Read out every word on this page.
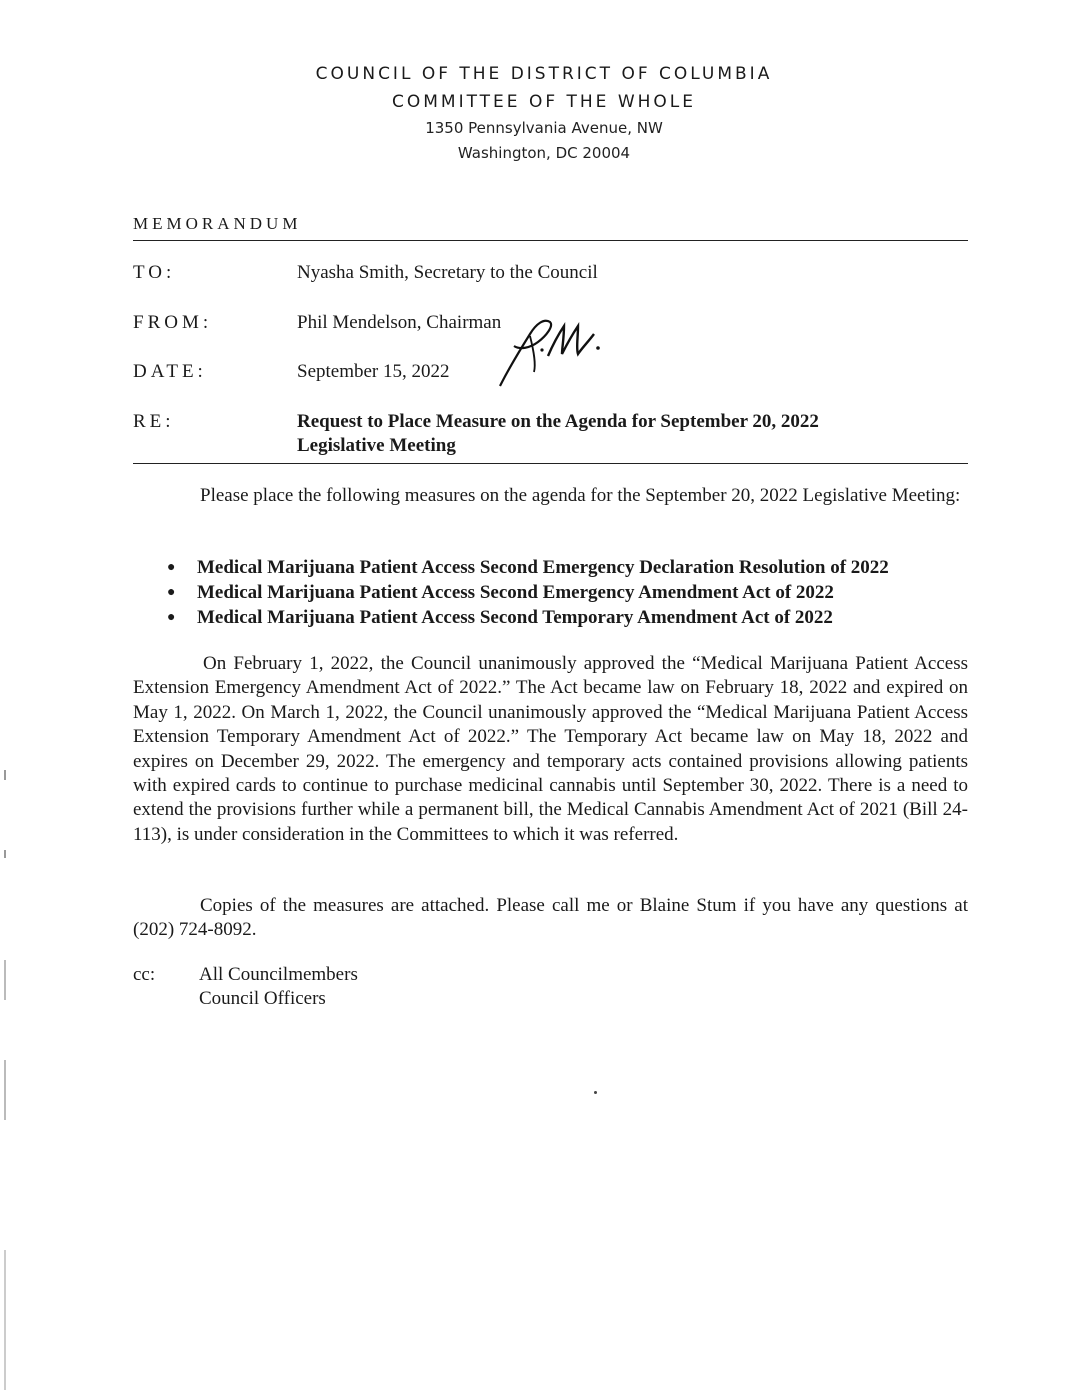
COUNCIL OF THE DISTRICT OF COLUMBIA
COMMITTEE OF THE WHOLE
1350 Pennsylvania Avenue, NW
Washington, DC 20004
MEMORANDUM
TO:	Nyasha Smith, Secretary to the Council
FROM:	Phil Mendelson, Chairman
DATE:	September 15, 2022
RE:	Request to Place Measure on the Agenda for September 20, 2022
Legislative Meeting

Please place the following measures on the agenda for the September 20, 2022 Legislative Meeting:

● Medical Marijuana Patient Access Second Emergency Declaration Resolution of 2022
● Medical Marijuana Patient Access Second Emergency Amendment Act of 2022
● Medical Marijuana Patient Access Second Temporary Amendment Act of 2022

On February 1, 2022, the Council unanimously approved the “Medical Marijuana Patient Access Extension Emergency Amendment Act of 2022.” The Act became law on February 18, 2022 and expired on May 1, 2022. On March 1, 2022, the Council unanimously approved the “Medical Marijuana Patient Access Extension Temporary Amendment Act of 2022.” The Temporary Act became law on May 18, 2022 and expires on December 29, 2022. The emergency and temporary acts contained provisions allowing patients with expired cards to continue to purchase medicinal cannabis until September 30, 2022. There is a need to extend the provisions further while a permanent bill, the Medical Cannabis Amendment Act of 2021 (Bill 24-113), is under consideration in the Committees to which it was referred.

Copies of the measures are attached. Please call me or Blaine Stum if you have any questions at (202) 724-8092.

cc: All Councilmembers
Council Officers
